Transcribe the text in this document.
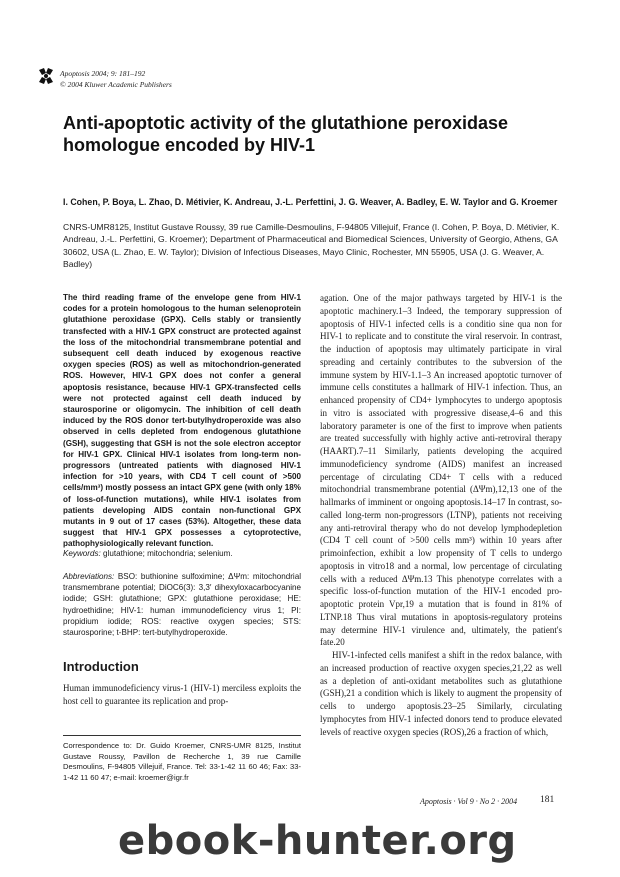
Apoptosis 2004; 9: 181–192
© 2004 Kluwer Academic Publishers
Anti-apoptotic activity of the glutathione peroxidase homologue encoded by HIV-1
I. Cohen, P. Boya, L. Zhao, D. Métivier, K. Andreau, J.-L. Perfettini, J. G. Weaver, A. Badley, E. W. Taylor and G. Kroemer
CNRS-UMR8125, Institut Gustave Roussy, 39 rue Camille-Desmoulins, F-94805 Villejuif, France (I. Cohen, P. Boya, D. Métivier, K. Andreau, J.-L. Perfettini, G. Kroemer); Department of Pharmaceutical and Biomedical Sciences, University of Georgio, Athens, GA 30602, USA (L. Zhao, E. W. Taylor); Division of Infectious Diseases, Mayo Clinic, Rochester, MN 55905, USA (J. G. Weaver, A. Badley)
The third reading frame of the envelope gene from HIV-1 codes for a protein homologous to the human selenoprotein glutathione peroxidase (GPX). Cells stably or transiently transfected with a HIV-1 GPX construct are protected against the loss of the mitochondrial transmembrane potential and subsequent cell death induced by exogenous reactive oxygen species (ROS) as well as mitochondrion-generated ROS. However, HIV-1 GPX does not confer a general apoptosis resistance, because HIV-1 GPX-transfected cells were not protected against cell death induced by staurosporine or oligomycin. The inhibition of cell death induced by the ROS donor tert-butylhydroperoxide was also observed in cells depleted from endogenous glutathione (GSH), suggesting that GSH is not the sole electron acceptor for HIV-1 GPX. Clinical HIV-1 isolates from long-term non-progressors (untreated patients with diagnosed HIV-1 infection for >10 years, with CD4 T cell count of >500 cells/mm³) mostly possess an intact GPX gene (with only 18% of loss-of-function mutations), while HIV-1 isolates from patients developing AIDS contain non-functional GPX mutants in 9 out of 17 cases (53%). Altogether, these data suggest that HIV-1 GPX possesses a cytoprotective, pathophysiologically relevant function.
Keywords: glutathione; mitochondria; selenium.
Abbreviations: BSO: buthionine sulfoximine; ΔΨm: mitochondrial transmembrane potential; DiOC6(3): 3,3′ dihexyloxacarbocyanine iodide; GSH: glutathione; GPX: glutathione peroxidase; HE: hydroethidine; HIV-1: human immunodeficiency virus 1; PI: propidium iodide; ROS: reactive oxygen species; STS: staurosporine; t-BHP: tert-butylhydroperoxide.
Introduction
Human immunodeficiency virus-1 (HIV-1) merciless exploits the host cell to guarantee its replication and prop-
Correspondence to: Dr. Guido Kroemer, CNRS-UMR 8125, Institut Gustave Roussy, Pavillon de Recherche 1, 39 rue Camille Desmoulins, F-94805 Villejuif, France. Tel: 33-1-42 11 60 46; Fax: 33-1-42 11 60 47; e-mail: kroemer@igr.fr

agation. One of the major pathways targeted by HIV-1 is the apoptotic machinery.1–3 Indeed, the temporary suppression of apoptosis of HIV-1 infected cells is a conditio sine qua non for HIV-1 to replicate and to constitute the viral reservoir. In contrast, the induction of apoptosis may ultimately participate in viral spreading and certainly contributes to the subversion of the immune system by HIV-1.1–3 An increased apoptotic turnover of immune cells constitutes a hallmark of HIV-1 infection. Thus, an enhanced propensity of CD4+ lymphocytes to undergo apoptosis in vitro is associated with progressive disease,4–6 and this laboratory parameter is one of the first to improve when patients are treated successfully with highly active anti-retroviral therapy (HAART).7–11 Similarly, patients developing the acquired immunodeficiency syndrome (AIDS) manifest an increased percentage of circulating CD4+ T cells with a reduced mitochondrial transmembrane potential (ΔΨm),12,13 one of the hallmarks of imminent or ongoing apoptosis.14–17 In contrast, so-called long-term non-progressors (LTNP), patients not receiving any anti-retroviral therapy who do not develop lymphodepletion (CD4 T cell count of >500 cells mm³) within 10 years after primoinfection, exhibit a low propensity of T cells to undergo apoptosis in vitro18 and a normal, low percentage of circulating cells with a reduced ΔΨm.13 This phenotype correlates with a specific loss-of-function mutation of the HIV-1 encoded pro-apoptotic protein Vpr,19 a mutation that is found in 81% of LTNP.18 Thus viral mutations in apoptosis-regulatory proteins may determine HIV-1 virulence and, ultimately, the patient's fate.20

HIV-1-infected cells manifest a shift in the redox balance, with an increased production of reactive oxygen species,21,22 as well as a depletion of anti-oxidant metabolites such as glutathione (GSH),21 a condition which is likely to augment the propensity of cells to undergo apoptosis.23–25 Similarly, circulating lymphocytes from HIV-1 infected donors tend to produce elevated levels of reactive oxygen species (ROS),26 a fraction of which,

Apoptosis · Vol 9 · No 2 · 2004 181
ebook-hunter.org
